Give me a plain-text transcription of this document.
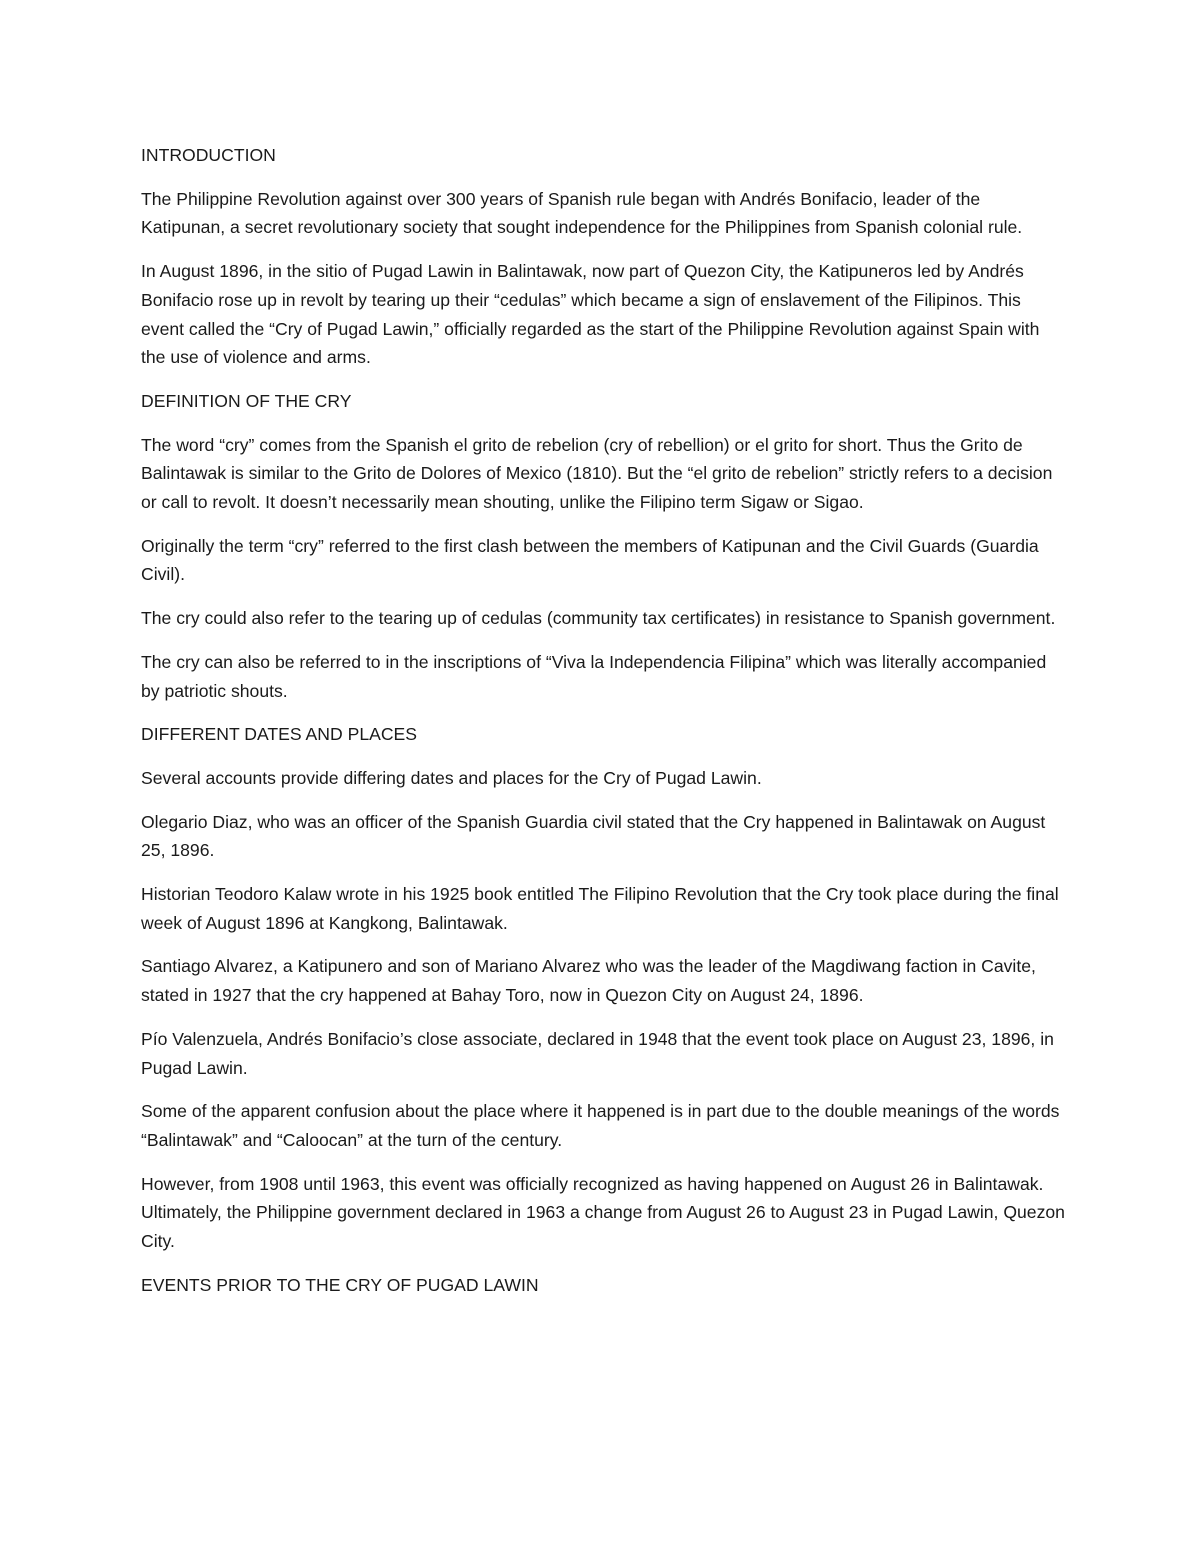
INTRODUCTION

The Philippine Revolution against over 300 years of Spanish rule began with Andrés Bonifacio, leader of the Katipunan, a secret revolutionary society that sought independence for the Philippines from Spanish colonial rule.

In August 1896, in the sitio of Pugad Lawin in Balintawak, now part of Quezon City, the Katipuneros led by Andrés Bonifacio rose up in revolt by tearing up their “cedulas” which became a sign of enslavement of the Filipinos. This event called the “Cry of Pugad Lawin,” officially regarded as the start of the Philippine Revolution against Spain with the use of violence and arms.

DEFINITION OF THE CRY

The word “cry” comes from the Spanish el grito de rebelion (cry of rebellion) or el grito for short. Thus the Grito de Balintawak is similar to the Grito de Dolores of Mexico (1810). But the “el grito de rebelion” strictly refers to a decision or call to revolt. It doesn’t necessarily mean shouting, unlike the Filipino term Sigaw or Sigao.

Originally the term “cry” referred to the first clash between the members of Katipunan and the Civil Guards (Guardia Civil).

The cry could also refer to the tearing up of cedulas (community tax certificates) in resistance to Spanish government.

The cry can also be referred to in the inscriptions of “Viva la Independencia Filipina” which was literally accompanied by patriotic shouts.

DIFFERENT DATES AND PLACES

Several accounts provide differing dates and places for the Cry of Pugad Lawin.

Olegario Diaz, who was an officer of the Spanish Guardia civil stated that the Cry happened in Balintawak on August 25, 1896.

Historian Teodoro Kalaw wrote in his 1925 book entitled The Filipino Revolution that the Cry took place during the final week of August 1896 at Kangkong, Balintawak.

Santiago Alvarez, a Katipunero and son of Mariano Alvarez who was the leader of the Magdiwang faction in Cavite, stated in 1927 that the cry happened at Bahay Toro, now in Quezon City on August 24, 1896.

Pío Valenzuela, Andrés Bonifacio’s close associate, declared in 1948 that the event took place on August 23, 1896, in Pugad Lawin.

Some of the apparent confusion about the place where it happened is in part due to the double meanings of the words “Balintawak” and “Caloocan” at the turn of the century.

However, from 1908 until 1963, this event was officially recognized as having happened on August 26 in Balintawak. Ultimately, the Philippine government declared in 1963 a change from August 26 to August 23 in Pugad Lawin, Quezon City.

EVENTS PRIOR TO THE CRY OF PUGAD LAWIN
